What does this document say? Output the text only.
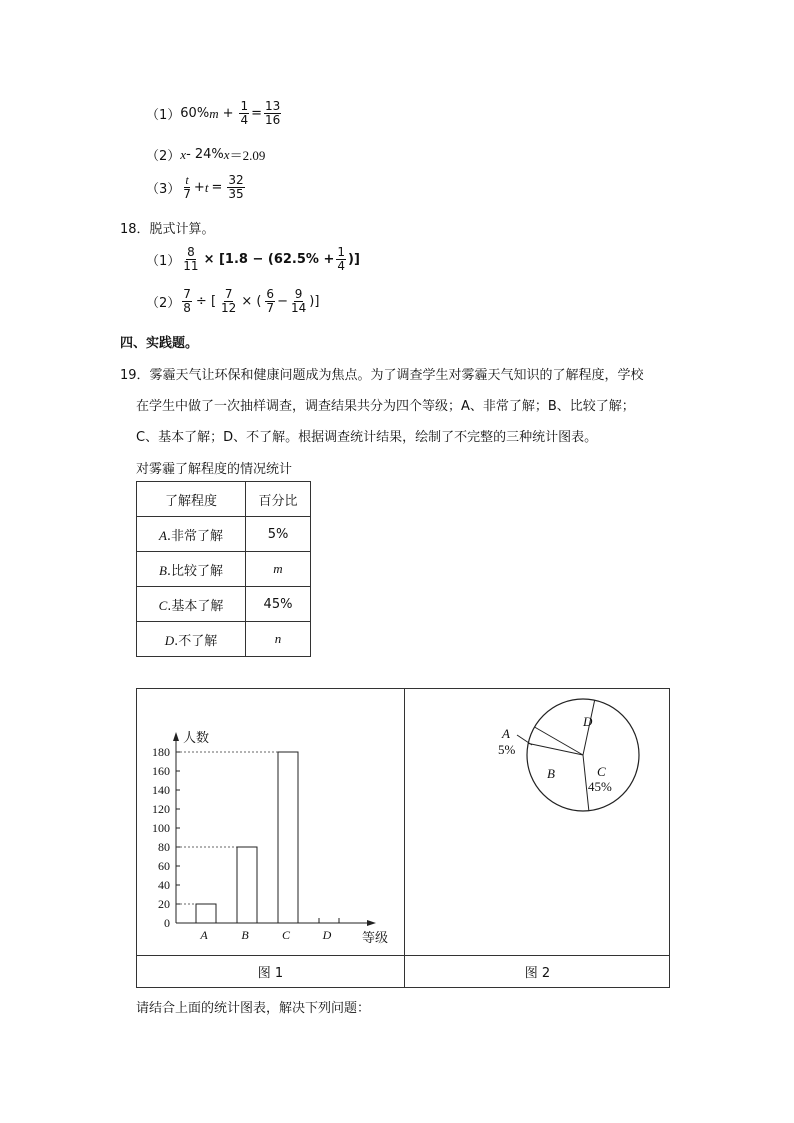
（1） 60% $m + \frac{1}{4} = \frac{13}{16}$
（2） x - 24% x ＝2.09
$(3) \frac{t}{7} + t = \frac{32}{35}$
18．脱式计算。
$(1) \frac{8}{11} \times [1.8 - (62.5\% + \frac{1}{4}$ )]
$(2) \frac{7}{8}$ ÷ [ $\frac{7}{12}$ × ( $\frac{6}{7} - \frac{9}{14}$ )]
四、实践题。
19．雾霾天气让环保和健康问题成为焦点。为了调查学生对雾霾天气知识的了解程度，学校
在学生中做了一次抽样调查，调查结果共分为四个等级；A、非常了解；B、比较了解；
C、基本了解；D、不了解。根据调查统计结果，绘制了不完整的三种统计图表。
对雾霾了解程度的情况统计
了解程度	百分比
A.非常了解	5%
B.比较了解	m
C.基本了解	45%
D.不了解	n
人数
等级
0
20
40
60
80
100
120
140
160
180
A	B	C	D
A
5%
B	C
45%
D
图 1	图 2
请结合上面的统计图表，解决下列问题：
